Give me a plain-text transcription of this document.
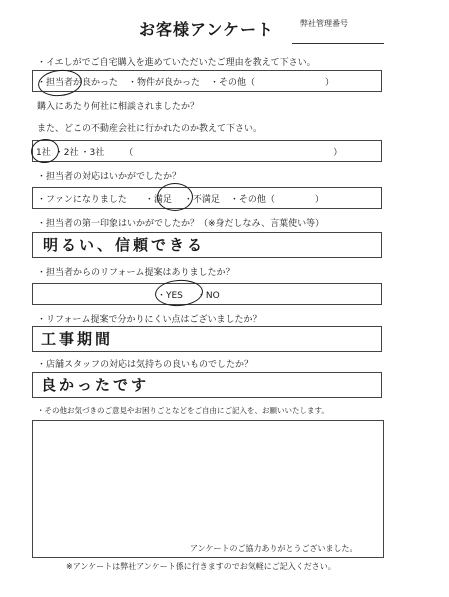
お客様アンケート	弊社管理番号
・イエしがでご自宅購入を進めていただいたご理由を教えて下さい。
・担当者が良かった ・物件が良かった ・その他（	）
購入にあたり何社に相談されましたか？
また、どこの不動産会社に行かれたのか教えて下さい。
1社 ・2社 ・3社 （	）
・担当者の対応はいかがでしたか？
・ファンになりました ・満足 ・不満足 ・その他（	）
・担当者の第一印象はいかがでしたか？（※身だしなみ、言葉使い等）
明るい、信頼できる
・担当者からのリフォーム提案はありましたか？
・YES ・NO
・リフォーム提案で分かりにくい点はございましたか？
工事期間
・店舗スタッフの対応は気持ちの良いものでしたか？
良かったです
・その他お気づきのご意見やお困りごとなどをご自由にご記入を、お願いいたします。
アンケートのご協力ありがとうございました。
※アンケートは弊社アンケート係に行きますのでお気軽にご記入ください。
